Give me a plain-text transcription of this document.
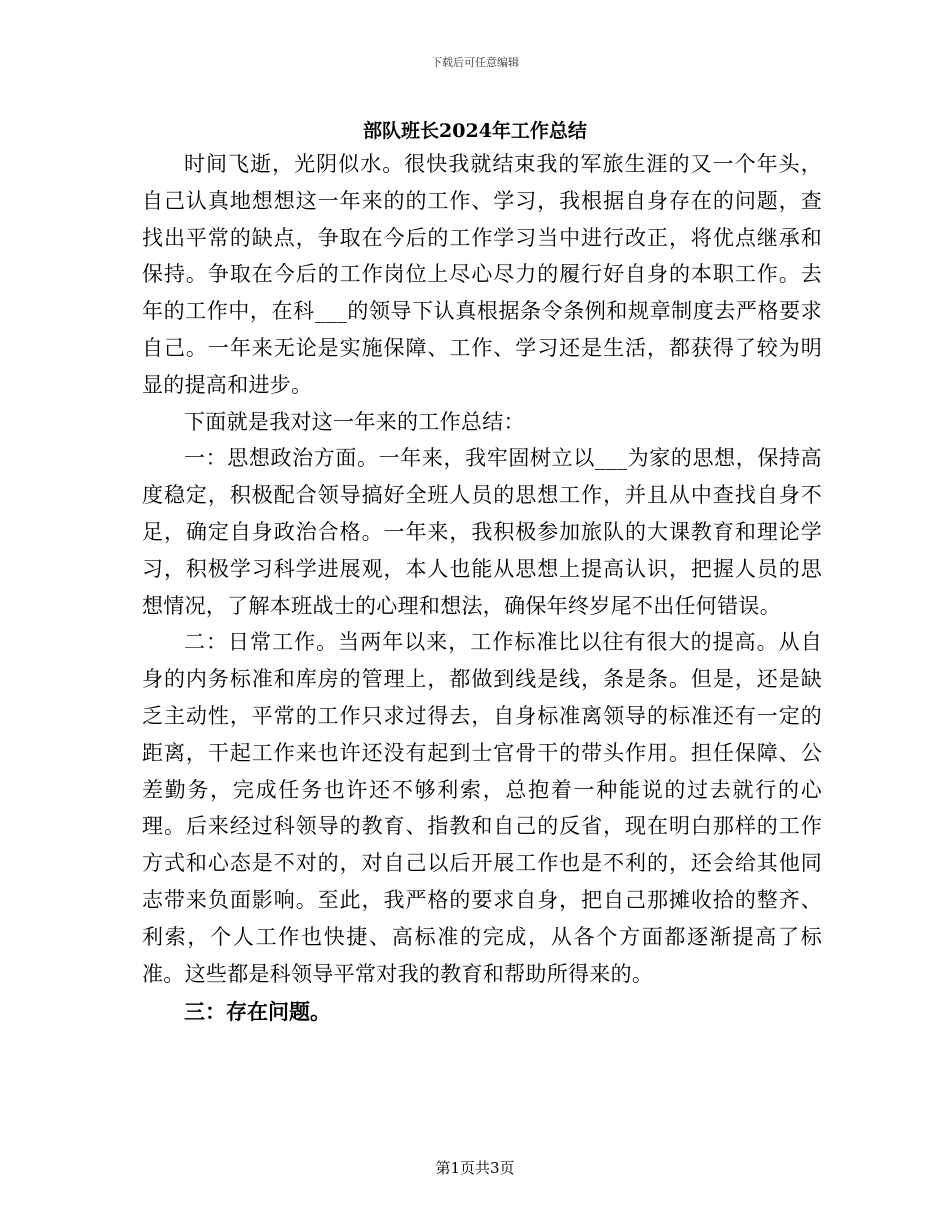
下载后可任意编辑
部队班长2024年工作总结

时间飞逝，光阴似水。很快我就结束我的军旅生涯的又一个年头，自己认真地想想这一年来的的工作、学习，我根据自身存在的问题，查找出平常的缺点，争取在今后的工作学习当中进行改正，将优点继承和保持。争取在今后的工作岗位上尽心尽力的履行好自身的本职工作。去年的工作中，在科___的领导下认真根据条令条例和规章制度去严格要求自己。一年来无论是实施保障、工作、学习还是生活，都获得了较为明显的提高和进步。

下面就是我对这一年来的工作总结：

一：思想政治方面。一年来，我牢固树立以___为家的思想，保持高度稳定，积极配合领导搞好全班人员的思想工作，并且从中查找自身不足，确定自身政治合格。一年来，我积极参加旅队的大课教育和理论学习，积极学习科学进展观，本人也能从思想上提高认识，把握人员的思想情况，了解本班战士的心理和想法，确保年终岁尾不出任何错误。

二：日常工作。当两年以来，工作标准比以往有很大的提高。从自身的内务标准和库房的管理上，都做到线是线，条是条。但是，还是缺乏主动性，平常的工作只求过得去，自身标准离领导的标准还有一定的距离，干起工作来也许还没有起到士官骨干的带头作用。担任保障、公差勤务，完成任务也许还不够利索，总抱着一种能说的过去就行的心理。后来经过科领导的教育、指教和自己的反省，现在明白那样的工作方式和心态是不对的，对自己以后开展工作也是不利的，还会给其他同志带来负面影响。至此，我严格的要求自身，把自己那摊收拾的整齐、利索，个人工作也快捷、高标准的完成，从各个方面都逐渐提高了标准。这些都是科领导平常对我的教育和帮助所得来的。

三：存在问题。

第1页共3页
